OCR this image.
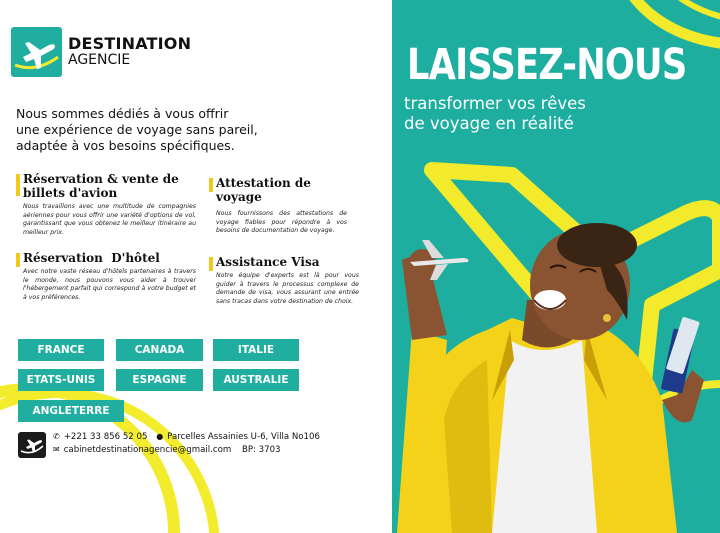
DESTINATION
AGENCIE
Nous sommes dédiés à vous offrir
une expérience de voyage sans pareil,
adaptée à vos besoins spécifiques.
Réservation & vente de
billets d'avion
Nous travaillons avec une multitude de compagnies aériennes pour vous offrir une variété d'options de vol, garantissant que vous obtenez le meilleur itinéraire au meilleur prix.
Attestation de voyage
Nous fournissons des attestations de voyage fiables pour répondre à vos besoins de documentation de voyage.
Réservation  D'hôtel
Avec notre vaste réseau d'hôtels partenaires à travers le monde, nous pouvons vous aider à trouver l'hébergement parfait qui correspond à votre budget et à vos préférences.
Assistance Visa
Notre équipe d'experts est là pour vous guider à travers le processus complexe de demande de visa, vous assurant une entrée sans tracas dans votre destination de choix.
FRANCE	CANADA	ITALIE
ETATS-UNIS	ESPAGNE	AUSTRALIE
ANGLETERRE
✆ +221 33 856 52 05 ● Parcelles Assainies U-6, Villa No106
✉ cabinetdestinationagencie@gmail.com BP: 3703
LAISSEZ-NOUS
transformer vos rêves
de voyage en réalité
